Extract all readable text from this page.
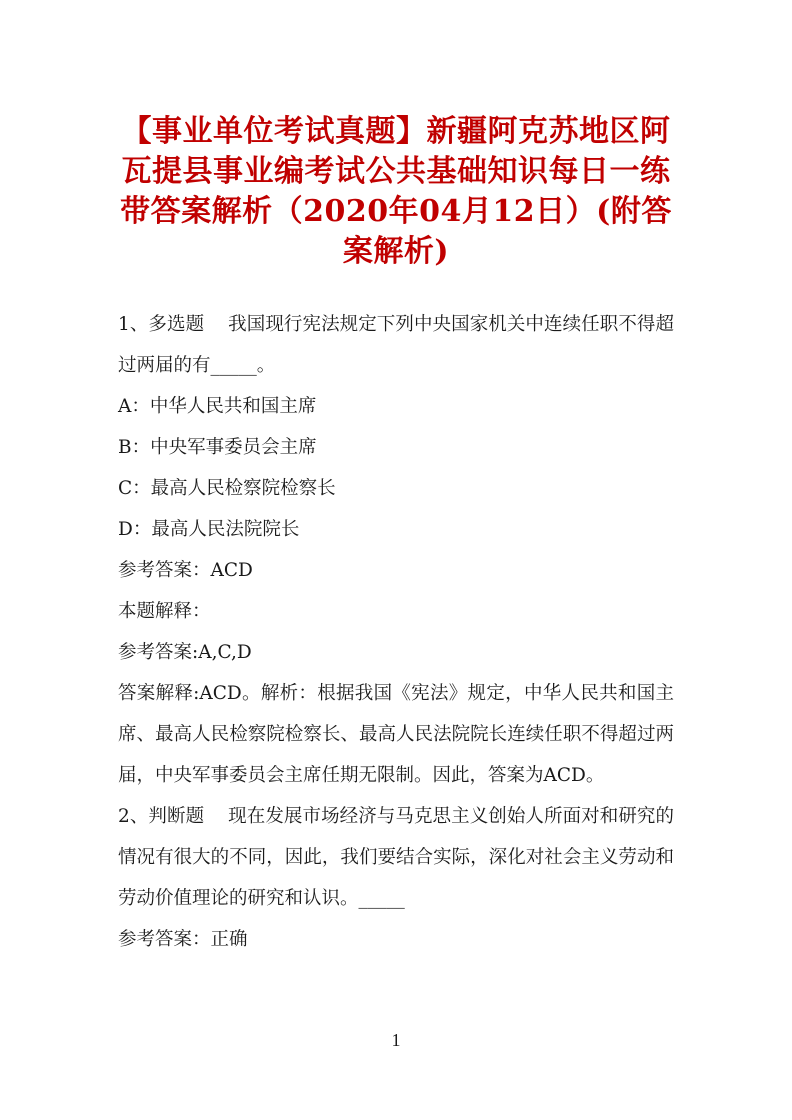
【事业单位考试真题】新疆阿克苏地区阿瓦提县事业编考试公共基础知识每日一练带答案解析（2020年04月12日）(附答案解析)

1、多选题 我国现行宪法规定下列中央国家机关中连续任职不得超过两届的有_____。

A：中华人民共和国主席

B：中央军事委员会主席

C：最高人民检察院检察长

D：最高人民法院院长

参考答案：ACD

本题解释：

参考答案:A,C,D

答案解释:ACD。解析：根据我国《宪法》规定，中华人民共和国主席、最高人民检察院检察长、最高人民法院院长连续任职不得超过两届，中央军事委员会主席任期无限制。因此，答案为ACD。

2、判断题 现在发展市场经济与马克思主义创始人所面对和研究的情况有很大的不同，因此，我们要结合实际，深化对社会主义劳动和劳动价值理论的研究和认识。_____

参考答案：正确

1
